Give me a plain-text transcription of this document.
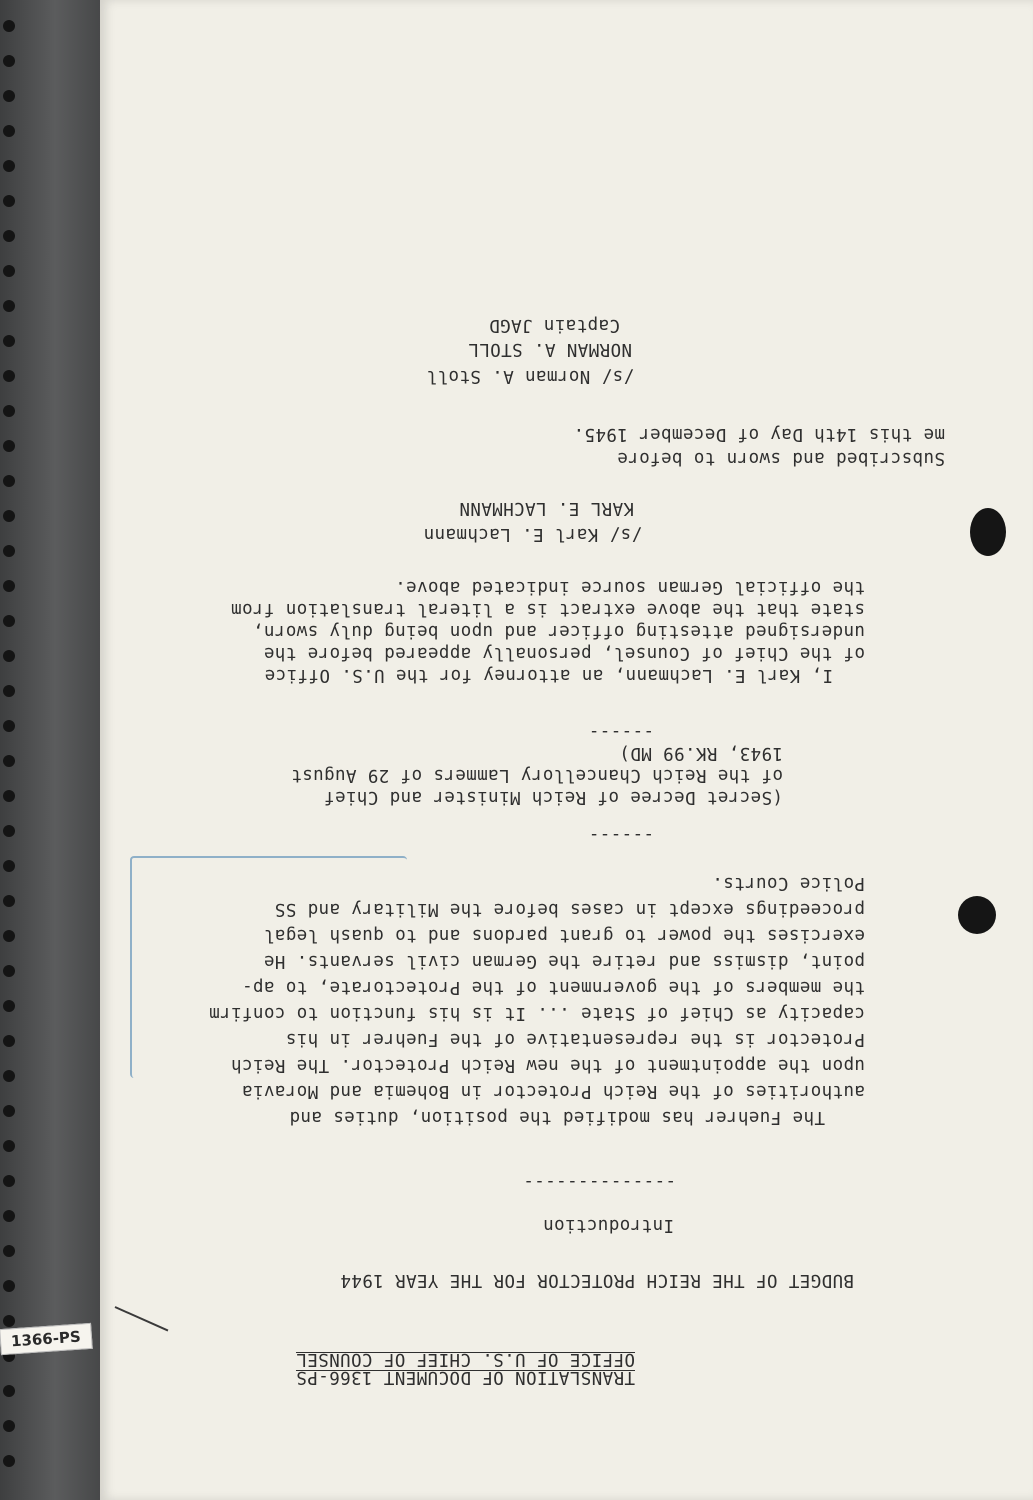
TRANSLATION OF DOCUMENT 1366-PS
OFFICE OF U.S. CHIEF OF COUNSEL
BUDGET OF THE REICH PROTECTOR FOR THE YEAR 1944
Introduction
--------------
The Fuehrer has modified the position, duties and
authorities of the Reich Protector in Bohemia and Moravia
upon the appointment of the new Reich Protector. The Reich
Protector is the representative of the Fuehrer in his
capacity as Chief of State ... It is his function to confirm
the members of the government of the Protectorate, to ap-
point, dismiss and retire the German civil servants. He
exercises the power to grant pardons and to quash legal
proceedings except in cases before the Military and SS
Police Courts.
------
(Secret Decree of Reich Minister and Chief
of the Reich Chancellory Lammers of 29 August
1943, RK.99 MD)
------
I, Karl E. Lachmann, an attorney for the U.S. Office
of the Chief of Counsel, personally appeared before the
undersigned attesting officer and upon being duly sworn,
state that the above extract is a literal translation from
the official German source indicated above.
/s/ Karl E. Lachmann
KARL E. LACHMANN
Subscribed and sworn to before
me this 14th Day of December 1945.
/s/ Norman A. Stoll
NORMAN A. STOLL
Captain JAGD
1366-PS
